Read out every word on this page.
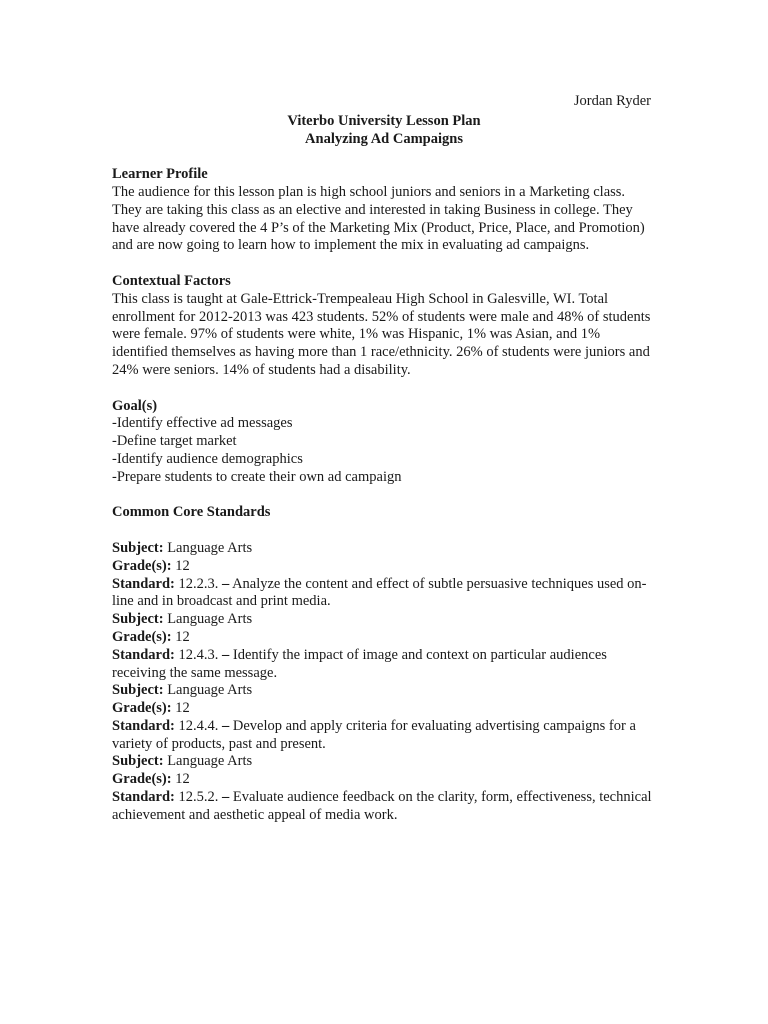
Jordan Ryder
Viterbo University Lesson Plan
Analyzing Ad Campaigns
Learner Profile

The audience for this lesson plan is high school juniors and seniors in a Marketing class. They are taking this class as an elective and interested in taking Business in college. They have already covered the 4 P’s of the Marketing Mix (Product, Price, Place, and Promotion) and are now going to learn how to implement the mix in evaluating ad campaigns.

Contextual Factors

This class is taught at Gale-Ettrick-Trempealeau High School in Galesville, WI. Total enrollment for 2012-2013 was 423 students. 52% of students were male and 48% of students were female. 97% of students were white, 1% was Hispanic, 1% was Asian, and 1% identified themselves as having more than 1 race/ethnicity. 26% of students were juniors and 24% were seniors. 14% of students had a disability.

Goal(s)
-Identify effective ad messages
-Define target market
-Identify audience demographics
-Prepare students to create their own ad campaign
Common Core Standards
Subject: Language Arts
Grade(s): 12
Standard: 12.2.3. – Analyze the content and effect of subtle persuasive techniques used on-line and in broadcast and print media.
Subject: Language Arts
Grade(s): 12
Standard: 12.4.3. – Identify the impact of image and context on particular audiences receiving the same message.
Subject: Language Arts
Grade(s): 12
Standard: 12.4.4. – Develop and apply criteria for evaluating advertising campaigns for a variety of products, past and present.
Subject: Language Arts
Grade(s): 12
Standard: 12.5.2. – Evaluate audience feedback on the clarity, form, effectiveness, technical achievement and aesthetic appeal of media work.
